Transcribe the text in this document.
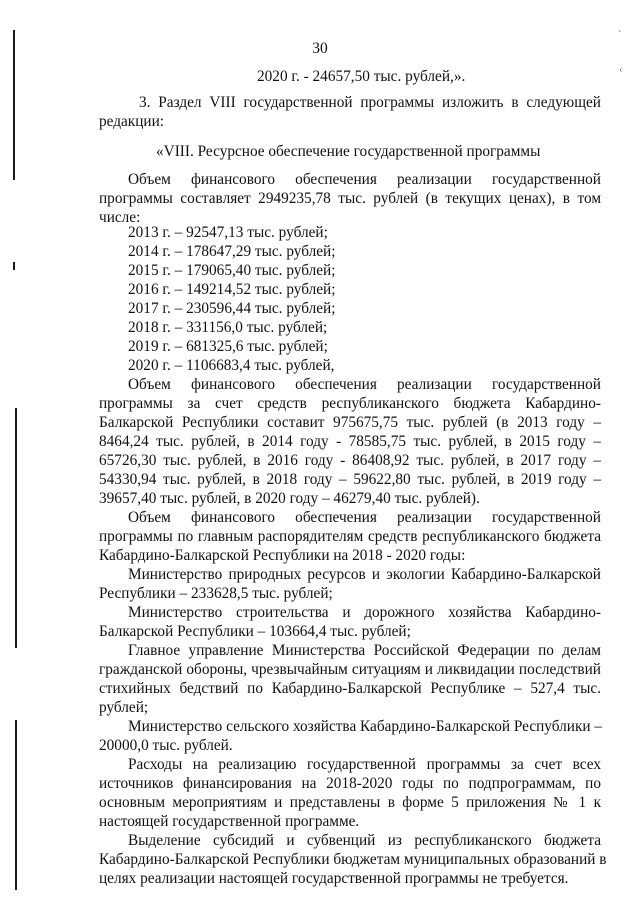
`
ᶜ
30
2020 г. - 24657,50 тыс. рублей,».
3. Раздел VIII государственной программы изложить в следующей
редакции:
«VIII. Ресурсное обеспечение государственной программы
Объем финансового обеспечения реализации государственной
программы составляет 2949235,78 тыс. рублей (в текущих ценах), в том
числе:
2013 г. – 92547,13 тыс. рублей;
2014 г. – 178647,29 тыс. рублей;
2015 г. – 179065,40 тыс. рублей;
2016 г. – 149214,52 тыс. рублей;
2017 г. – 230596,44 тыс. рублей;
2018 г. – 331156,0 тыс. рублей;
2019 г. – 681325,6 тыс. рублей;
2020 г. – 1106683,4 тыс. рублей,
Объем финансового обеспечения реализации государственной
программы за счет средств республиканского бюджета Кабардино-
Балкарской Республики составит 975675,75 тыс. рублей (в 2013 году –
8464,24 тыс. рублей, в 2014 году - 78585,75 тыс. рублей, в 2015 году –
65726,30 тыс. рублей, в 2016 году - 86408,92 тыс. рублей, в 2017 году –
54330,94 тыс. рублей, в 2018 году – 59622,80 тыс. рублей, в 2019 году –
39657,40 тыс. рублей, в 2020 году – 46279,40 тыс. рублей).
Объем финансового обеспечения реализации государственной
программы по главным распорядителям средств республиканского бюджета
Кабардино-Балкарской Республики на 2018 - 2020 годы:
Министерство природных ресурсов и экологии Кабардино-Балкарской
Республики – 233628,5 тыс. рублей;
Министерство строительства и дорожного хозяйства Кабардино-
Балкарской Республики – 103664,4 тыс. рублей;
Главное управление Министерства Российской Федерации по делам
гражданской обороны, чрезвычайным ситуациям и ликвидации последствий
стихийных бедствий по Кабардино-Балкарской Республике – 527,4 тыс.
рублей;
Министерство сельского хозяйства Кабардино-Балкарской Республики –
20000,0 тыс. рублей.
Расходы на реализацию государственной программы за счет всех
источников финансирования на 2018-2020 годы по подпрограммам, по
основным мероприятиям и представлены в форме 5 приложения № 1 к
настоящей государственной программе.
Выделение субсидий и субвенций из республиканского бюджета
Кабардино-Балкарской Республики бюджетам муниципальных образований в
целях реализации настоящей государственной программы не требуется.
